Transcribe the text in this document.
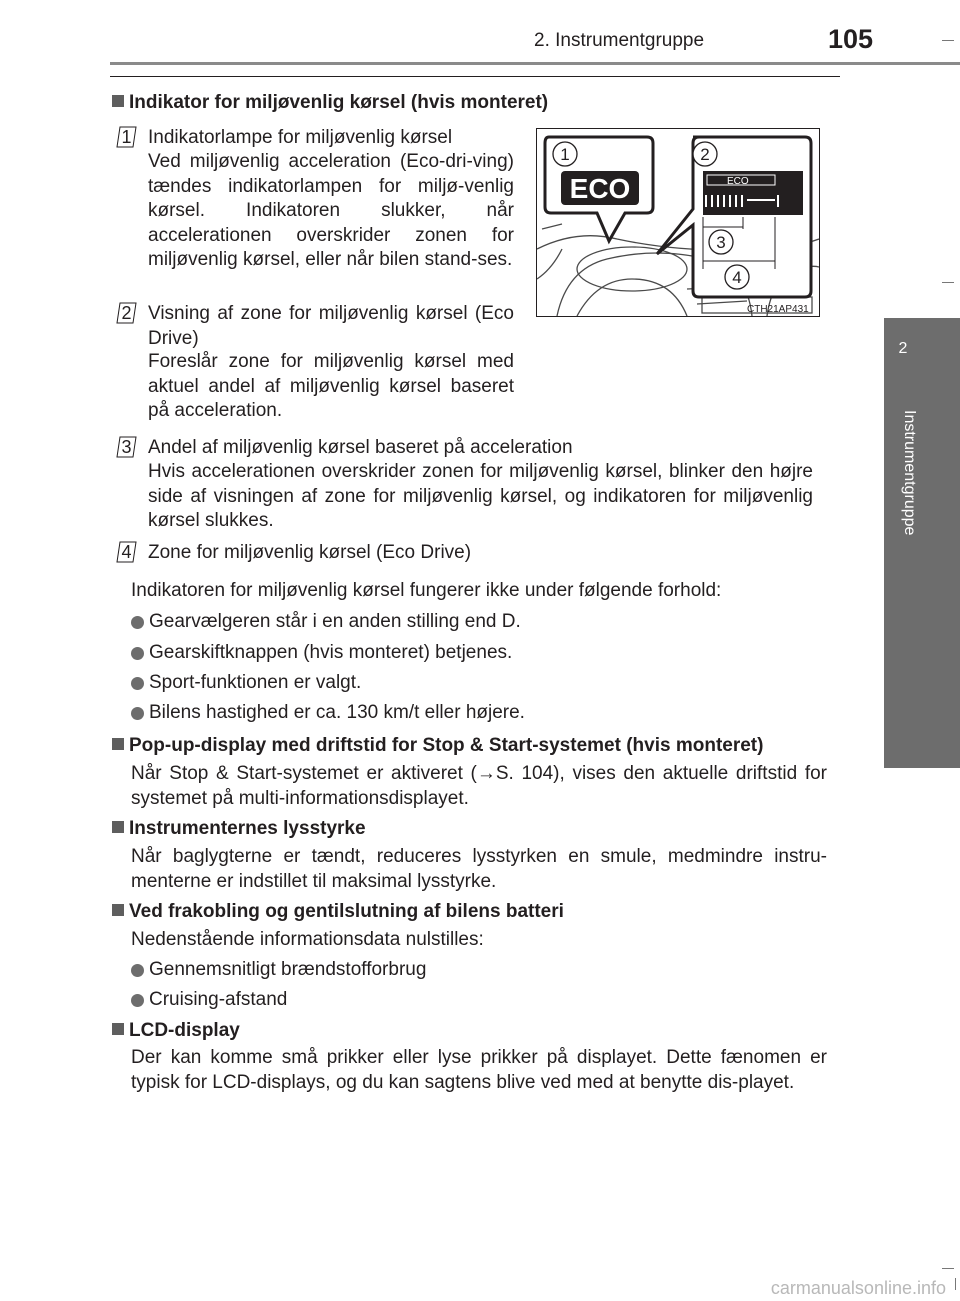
2. Instrumentgruppe	105
2
Instrumentgruppe
Indikator for miljøvenlig kørsel (hvis monteret)
1 Indikatorlampe for miljøvenlig kørsel
Ved miljøvenlig acceleration (Eco-dri-ving) tændes indikatorlampen for miljø-venlig kørsel. Indikatoren slukker, når accelerationen overskrider zonen for miljøvenlig kørsel, eller når bilen stand-ses.
2 Visning af zone for miljøvenlig kørsel (Eco Drive)
Foreslår zone for miljøvenlig kørsel med aktuel andel af miljøvenlig kørsel baseret på acceleration.
ECO
1
ECO
2
3
4
CTH21AP431
3 Andel af miljøvenlig kørsel baseret på acceleration
Hvis accelerationen overskrider zonen for miljøvenlig kørsel, blinker den højre side af visningen af zone for miljøvenlig kørsel, og indikatoren for miljøvenlig kørsel slukkes.
4 Zone for miljøvenlig kørsel (Eco Drive)
Indikatoren for miljøvenlig kørsel fungerer ikke under følgende forhold:
Gearvælgeren står i en anden stilling end D.
Gearskiftknappen (hvis monteret) betjenes.
Sport-funktionen er valgt.
Bilens hastighed er ca. 130 km/t eller højere.
Pop-up-display med driftstid for Stop & Start-systemet (hvis monteret)
Når Stop & Start-systemet er aktiveret (→S. 104), vises den aktuelle driftstid for systemet på multi-informationsdisplayet.
Instrumenternes lysstyrke
Når baglygterne er tændt, reduceres lysstyrken en smule, medmindre instru-menterne er indstillet til maksimal lysstyrke.
Ved frakobling og gentilslutning af bilens batteri
Nedenstående informationsdata nulstilles:
Gennemsnitligt brændstofforbrug
Cruising-afstand
LCD-display
Der kan komme små prikker eller lyse prikker på displayet. Dette fænomen er typisk for LCD-displays, og du kan sagtens blive ved med at benytte dis-playet.
carmanualsonline.info
